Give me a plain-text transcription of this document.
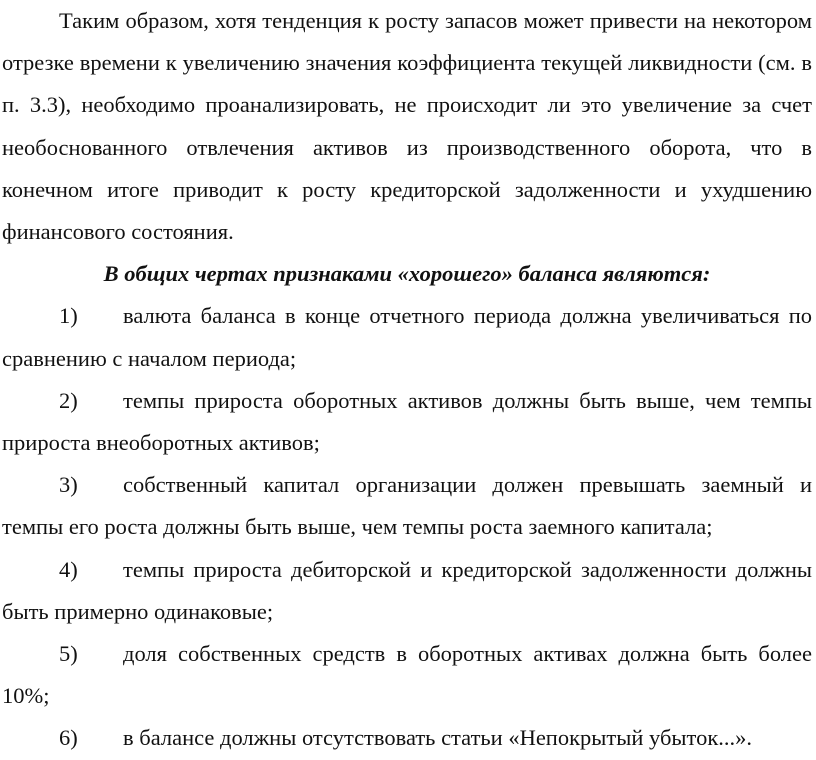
Таким образом, хотя тенденция к росту запасов может привести на некотором отрезке времени к увеличению значения коэффициента текущей ликвидности (см. в п. 3.3), необходимо проанализировать, не происходит ли это увеличение за счет необоснованного отвлечения активов из производственного оборота, что в конечном итоге приводит к росту кредиторской задолженности и ухудшению финансового состояния.

В общих чертах признаками «хорошего» баланса являются:

1) валюта баланса в конце отчетного периода должна увеличиваться по сравнению с началом периода;

2) темпы прироста оборотных активов должны быть выше, чем темпы прироста внеоборотных активов;

3) собственный капитал организации должен превышать заемный и темпы его роста должны быть выше, чем темпы роста заемного капитала;

4) темпы прироста дебиторской и кредиторской задолженности должны быть примерно одинаковые;

5) доля собственных средств в оборотных активах должна быть более 10%;

6) в балансе должны отсутствовать статьи «Непокрытый убыток...».
